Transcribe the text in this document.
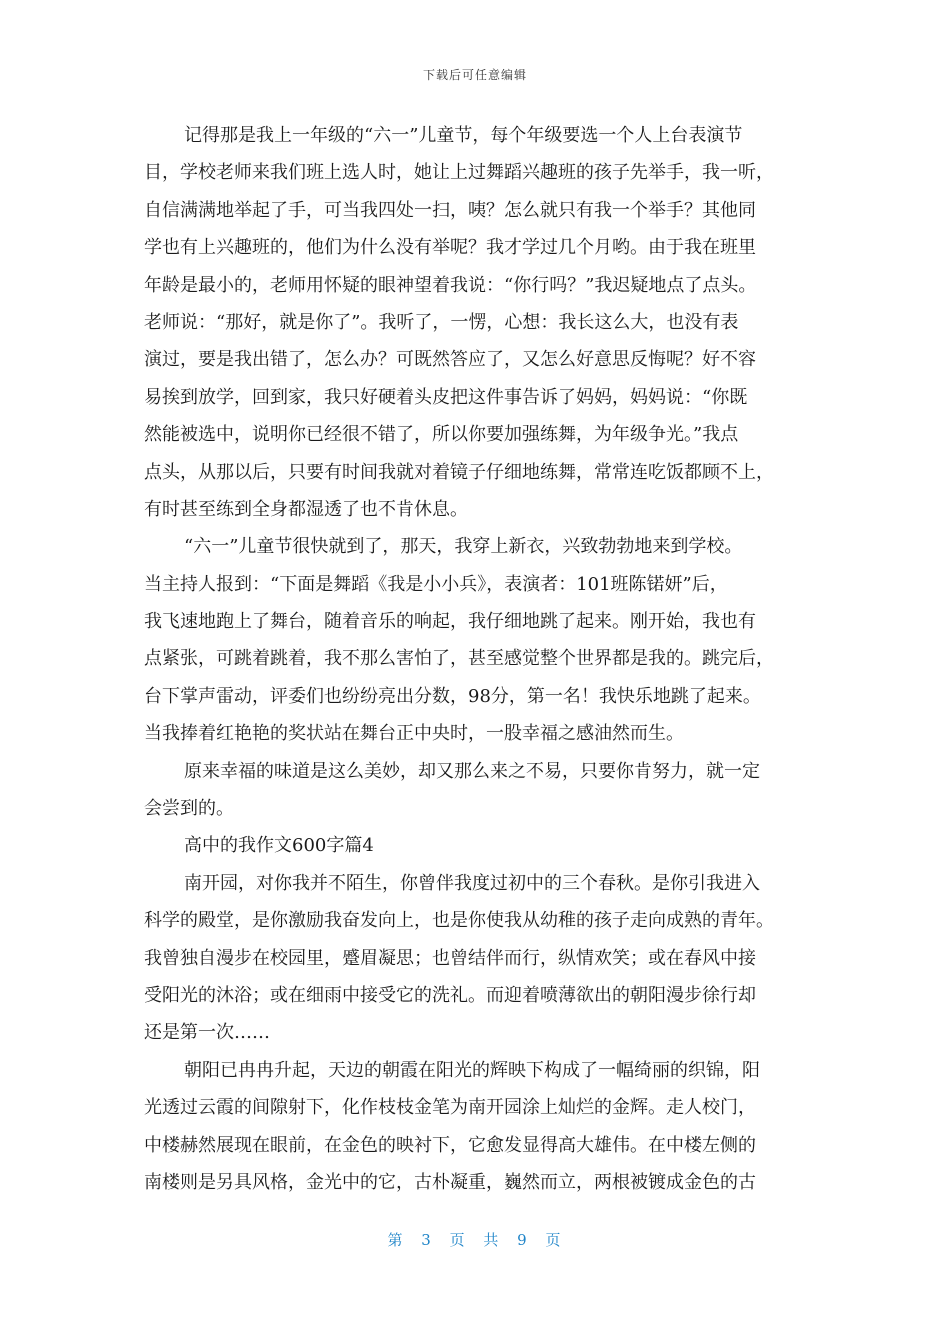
下载后可任意编辑
记得那是我上一年级的“六一”儿童节，每个年级要选一个人上台表演节
目，学校老师来我们班上选人时，她让上过舞蹈兴趣班的孩子先举手，我一听，
自信满满地举起了手，可当我四处一扫，咦？怎么就只有我一个举手？其他同
学也有上兴趣班的，他们为什么没有举呢？我才学过几个月哟。由于我在班里
年龄是最小的，老师用怀疑的眼神望着我说：“你行吗？”我迟疑地点了点头。
老师说：“那好，就是你了”。我听了，一愣，心想：我长这么大，也没有表
演过，要是我出错了，怎么办？可既然答应了，又怎么好意思反悔呢？好不容
易挨到放学，回到家，我只好硬着头皮把这件事告诉了妈妈，妈妈说：“你既
然能被选中，说明你已经很不错了，所以你要加强练舞，为年级争光。”我点
点头，从那以后，只要有时间我就对着镜子仔细地练舞，常常连吃饭都顾不上，
有时甚至练到全身都湿透了也不肯休息。
“六一”儿童节很快就到了，那天，我穿上新衣，兴致勃勃地来到学校。
当主持人报到：“下面是舞蹈《我是小小兵》，表演者：101班陈锘妍”后，
我飞速地跑上了舞台，随着音乐的响起，我仔细地跳了起来。刚开始，我也有
点紧张，可跳着跳着，我不那么害怕了，甚至感觉整个世界都是我的。跳完后，
台下掌声雷动，评委们也纷纷亮出分数，98分，第一名！我快乐地跳了起来。
当我捧着红艳艳的奖状站在舞台正中央时，一股幸福之感油然而生。
原来幸福的味道是这么美妙，却又那么来之不易，只要你肯努力，就一定
会尝到的。
高中的我作文600字篇4
南开园，对你我并不陌生，你曾伴我度过初中的三个春秋。是你引我进入
科学的殿堂，是你激励我奋发向上，也是你使我从幼稚的孩子走向成熟的青年。
我曾独自漫步在校园里，蹙眉凝思；也曾结伴而行，纵情欢笑；或在春风中接
受阳光的沐浴；或在细雨中接受它的洗礼。而迎着喷薄欲出的朝阳漫步徐行却
还是第一次……
朝阳已冉冉升起，天边的朝霞在阳光的辉映下构成了一幅绮丽的织锦，阳
光透过云霞的间隙射下，化作枝枝金笔为南开园涂上灿烂的金辉。走人校门，
中楼赫然展现在眼前，在金色的映衬下，它愈发显得高大雄伟。在中楼左侧的
南楼则是另具风格，金光中的它，古朴凝重，巍然而立，两根被镀成金色的古
第 3 页 共 9 页
